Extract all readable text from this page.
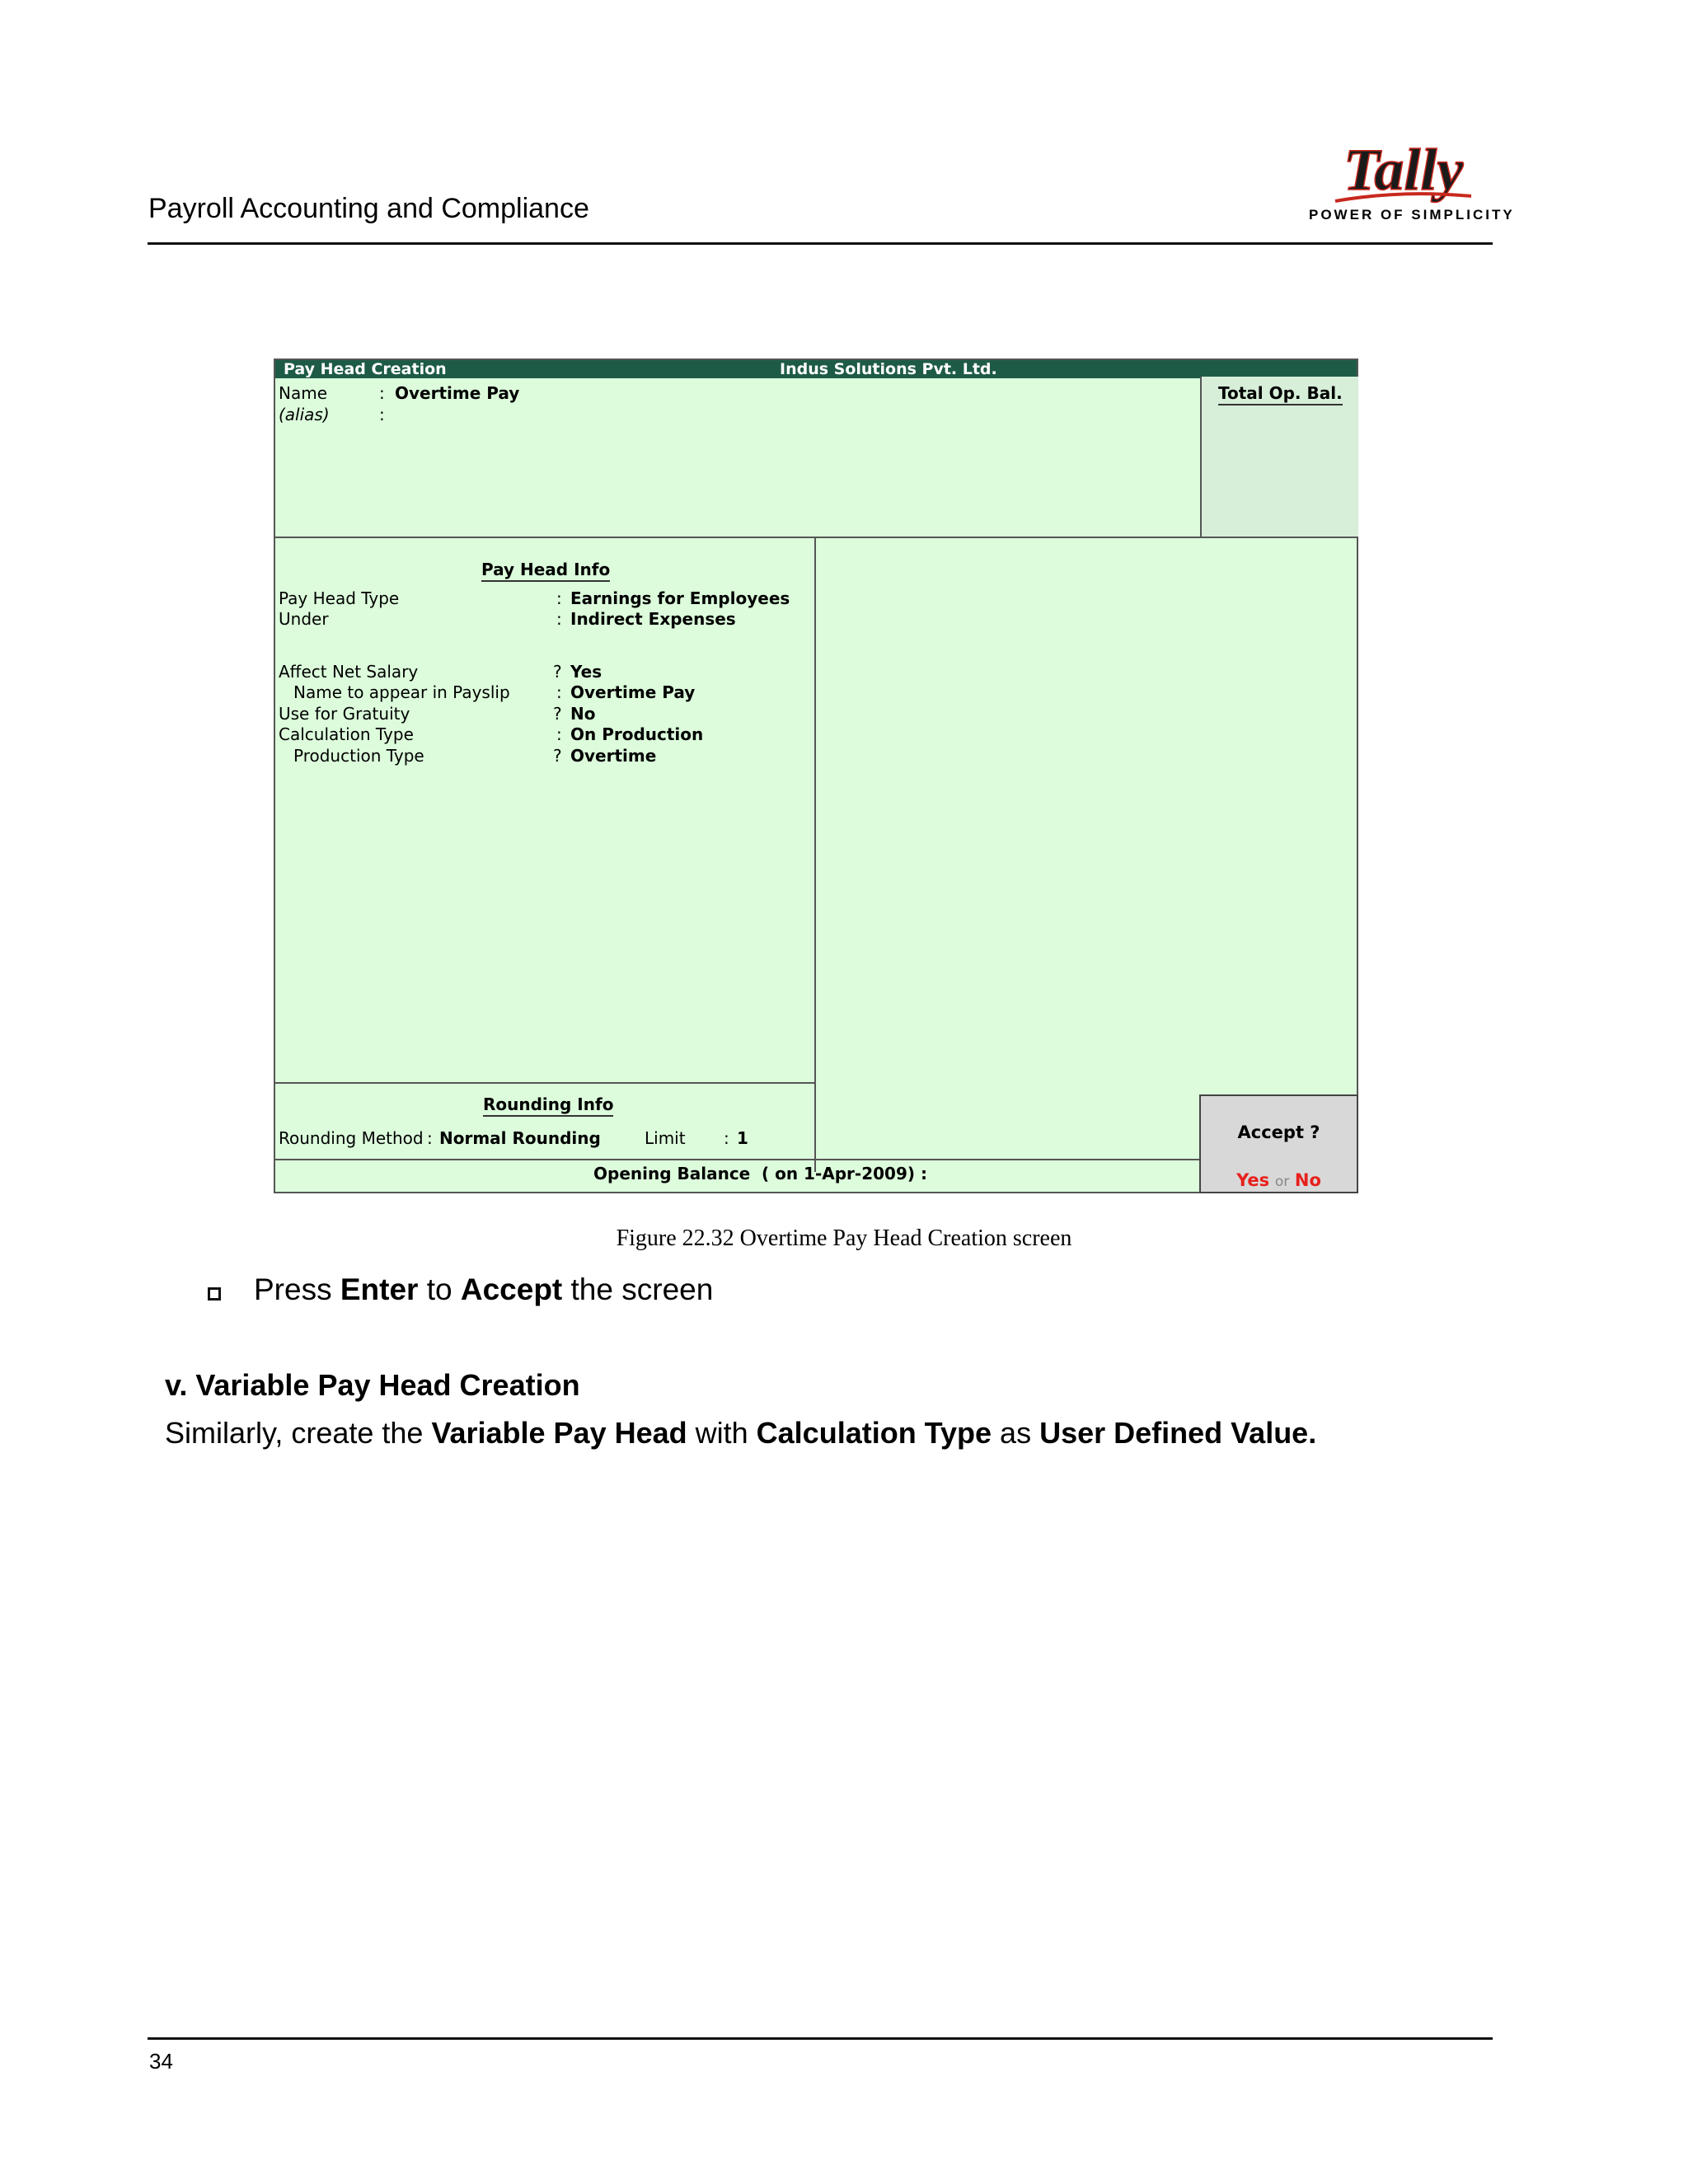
Payroll Accounting and Compliance
Tally
POWER OF SIMPLICITY
Pay Head Creation	Indus Solutions Pvt. Ltd.
Name	: Overtime Pay
(alias)	:
Total Op. Bal.
Pay Head Info
Pay Head Type	: Earnings for Employees
Under	: Indirect Expenses
Affect Net Salary	? Yes
Name to appear in Payslip	: Overtime Pay
Use for Gratuity	? No
Calculation Type	: On Production
Production Type	? Overtime
Rounding Info
Rounding Method : Normal Rounding	Limit : 1
Opening Balance ( on 1-Apr-2009) :
Accept ?
Yes or No
Figure 22.32 Overtime Pay Head Creation screen
Press Enter to Accept the screen
v. Variable Pay Head Creation
Similarly, create the Variable Pay Head with Calculation Type as User Defined Value.
34
